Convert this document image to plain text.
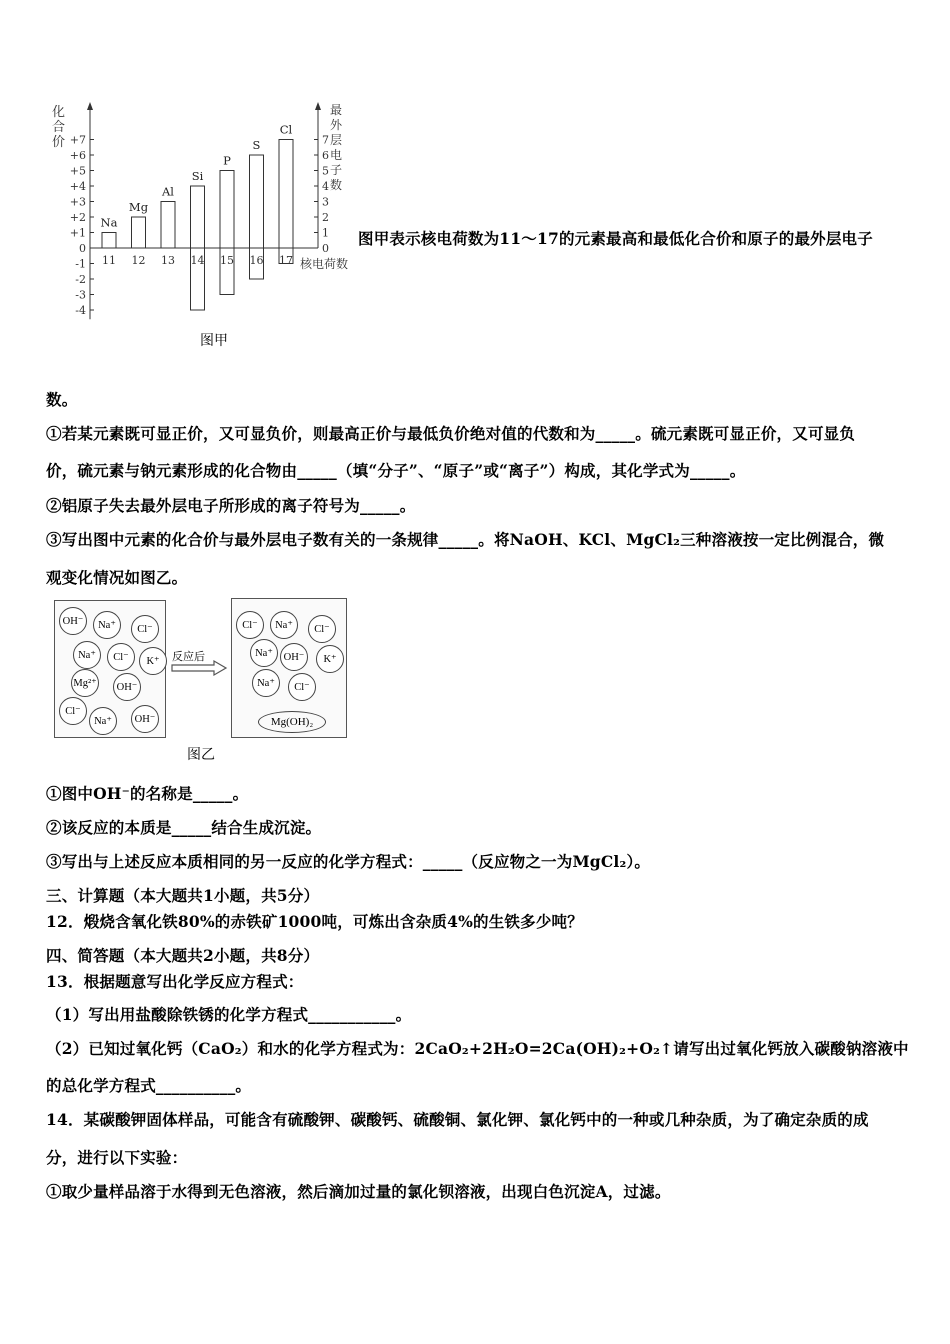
+7
+6
+5
+4
+3
+2
+1
0
-1
-2
-3
-4
7
6
5
4
3
2
1
0
化
合
价
最
外
层
电
子
数
核电荷数
Na
11
Mg
12
Al
13
Si
14
P
15
S
16
Cl
17
图甲
图甲表示核电荷数为11～17的元素最高和最低化合价和原子的最外层电子
数。
①若某元素既可显正价，又可显负价，则最高正价与最低负价绝对值的代数和为_____。硫元素既可显正价，又可显负
价，硫元素与钠元素形成的化合物由_____（填“分子”、“原子”或“离子”）构成，其化学式为_____。
②铝原子失去最外层电子所形成的离子符号为_____。
③写出图中元素的化合价与最外层电子数有关的一条规律_____。将NaOH、KCl、MgCl₂三种溶液按一定比例混合，微
观变化情况如图乙。
OH⁻	Na⁺	Cl⁻
Na⁺	Cl⁻	K⁺
Mg²⁺	OH⁻
Cl⁻
Na⁺	OH⁻
反应后
Cl⁻	Na⁺	Cl⁻
Na⁺	OH⁻	K⁺
Na⁺	Cl⁻
Mg(OH)₂
图乙
①图中OH⁻的名称是_____。
②该反应的本质是_____结合生成沉淀。
③写出与上述反应本质相同的另一反应的化学方程式：_____（反应物之一为MgCl₂）。
三、计算题（本大题共1小题，共5分）
12．煅烧含氧化铁80%的赤铁矿1000吨，可炼出含杂质4%的生铁多少吨？
四、简答题（本大题共2小题，共8分）
13．根据题意写出化学反应方程式：
（1）写出用盐酸除铁锈的化学方程式___________。
（2）已知过氧化钙（CaO₂）和水的化学方程式为：2CaO₂+2H₂O=2Ca(OH)₂+O₂↑请写出过氧化钙放入碳酸钠溶液中
的总化学方程式__________。
14．某碳酸钾固体样品，可能含有硫酸钾、碳酸钙、硫酸铜、氯化钾、氯化钙中的一种或几种杂质，为了确定杂质的成
分，进行以下实验：
①取少量样品溶于水得到无色溶液，然后滴加过量的氯化钡溶液，出现白色沉淀A，过滤。
